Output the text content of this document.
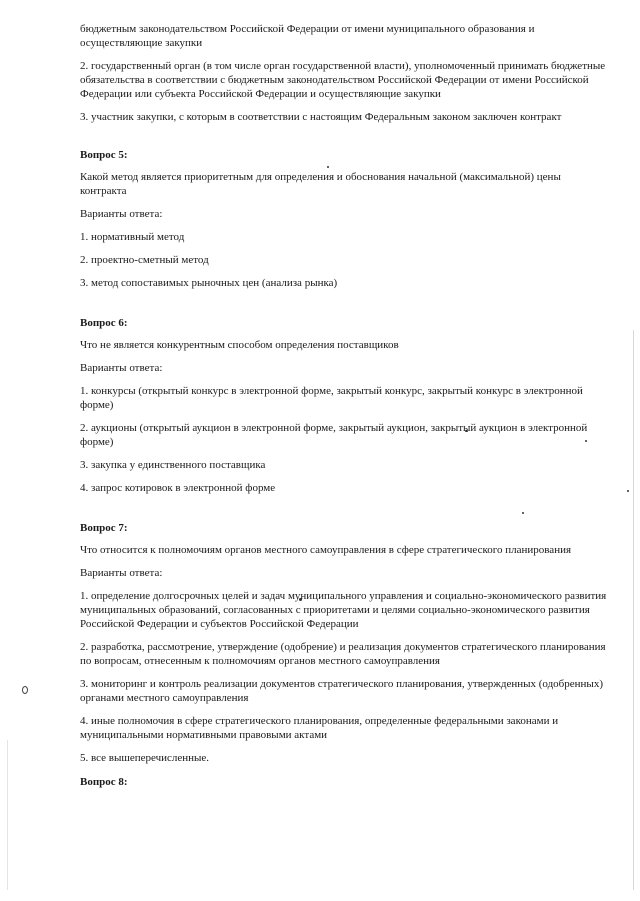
бюджетным законодательством Российской Федерации от имени муниципального образования и осуществляющие закупки

2. государственный орган (в том числе орган государственной власти), уполномоченный принимать бюджетные обязательства в соответствии с бюджетным законодательством Российской Федерации от имени Российской Федерации или субъекта Российской Федерации и осуществляющие закупки

3. участник закупки, с которым в соответствии с настоящим Федеральным законом заключен контракт

Вопрос 5:

Какой метод является приоритетным для определения и обоснования начальной (максимальной) цены контракта

Варианты ответа:

1. нормативный метод

2. проектно-сметный метод

3. метод сопоставимых рыночных цен (анализа рынка)

Вопрос 6:

Что не является конкурентным способом определения поставщиков

Варианты ответа:

1. конкурсы (открытый конкурс в электронной форме, закрытый конкурс, закрытый конкурс в электронной форме)

2. аукционы (открытый аукцион в электронной форме, закрытый аукцион, закрытый аукцион в электронной форме)

3. закупка у единственного поставщика

4. запрос котировок в электронной форме

Вопрос 7:

Что относится к полномочиям органов местного самоуправления в сфере стратегического планирования

Варианты ответа:

1. определение долгосрочных целей и задач муниципального управления и социально-экономического развития муниципальных образований, согласованных с приоритетами и целями социально-экономического развития Российской Федерации и субъектов Российской Федерации

2. разработка, рассмотрение, утверждение (одобрение) и реализация документов стратегического планирования по вопросам, отнесенным к полномочиям органов местного самоуправления

3. мониторинг и контроль реализации документов стратегического планирования, утвержденных (одобренных) органами местного самоуправления

4. иные полномочия в сфере стратегического планирования, определенные федеральными законами и муниципальными нормативными правовыми актами

5. все вышеперечисленные.

Вопрос 8:
